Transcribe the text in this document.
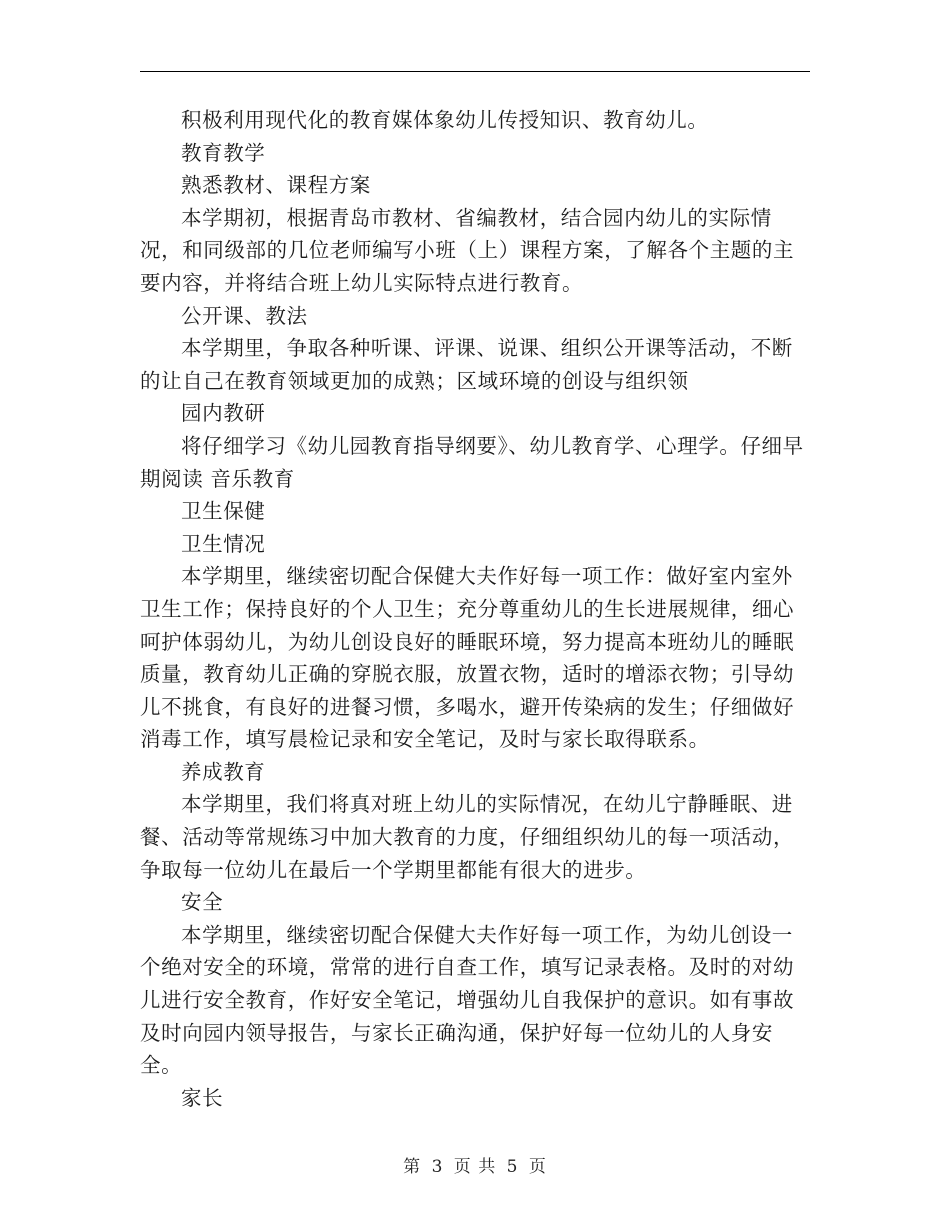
积极利用现代化的教育媒体象幼儿传授知识、教育幼儿。

教育教学

熟悉教材、课程方案

本学期初，根据青岛市教材、省编教材，结合园内幼儿的实际情况，和同级部的几位老师编写小班（上）课程方案，了解各个主题的主要内容，并将结合班上幼儿实际特点进行教育。

公开课、教法

本学期里，争取各种听课、评课、说课、组织公开课等活动，不断的让自己在教育领域更加的成熟；区域环境的创设与组织领

园内教研

将仔细学习《幼儿园教育指导纲要》、幼儿教育学、心理学。仔细早期阅读 音乐教育

卫生保健

卫生情况

本学期里，继续密切配合保健大夫作好每一项工作：做好室内室外卫生工作；保持良好的个人卫生；充分尊重幼儿的生长进展规律，细心呵护体弱幼儿，为幼儿创设良好的睡眠环境，努力提高本班幼儿的睡眠质量，教育幼儿正确的穿脱衣服，放置衣物，适时的增添衣物；引导幼儿不挑食，有良好的进餐习惯，多喝水，避开传染病的发生；仔细做好消毒工作，填写晨检记录和安全笔记，及时与家长取得联系。

养成教育

本学期里，我们将真对班上幼儿的实际情况，在幼儿宁静睡眠、进餐、活动等常规练习中加大教育的力度，仔细组织幼儿的每一项活动，争取每一位幼儿在最后一个学期里都能有很大的进步。

安全

本学期里，继续密切配合保健大夫作好每一项工作，为幼儿创设一个绝对安全的环境，常常的进行自查工作，填写记录表格。及时的对幼儿进行安全教育，作好安全笔记，增强幼儿自我保护的意识。如有事故及时向园内领导报告，与家长正确沟通，保护好每一位幼儿的人身安全。

家长

第 3 页 共 5 页
